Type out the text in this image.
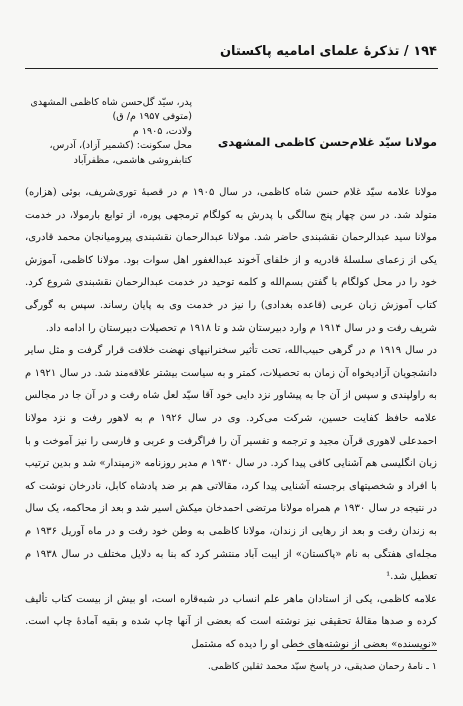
۱۹۴ / تذکرهٔ علمای امامیه پاکستان
پدر، سیّد گل‌حسن شاه کاظمی المشهدی
(متوفی ۱۹۵۷ م/ ق)
ولادت، ۱۹۰۵ م
محل سکونت: (کشمیر آزاد)، آدرس،
کتابفروشی هاشمی، مظفرآباد
مولانا سیّد غلام‌حسن کاظمی المشهدی

مولانا علامه سیّد غلام حسن شاه کاظمی، در سال ۱۹۰۵ م در قصبهٔ توری‌شریف، بوئی (هزاره) متولد شد. در سن چهار پنج سالگی با پدرش به کولگام ترمجهی پوره، از توابع بارمولا، در خدمت مولانا سید عبدالرحمان نقشبندی حاضر شد. مولانا عبدالرحمان نقشبندی پیرومیانجان محمد قادری، یکی از زعمای سلسلهٔ قادریه و از خلفای آخوند عبدالغفور اهل سوات بود. مولانا کاظمی، آموزش خود را در محل کولگام با گفتن بسم‌الله و کلمه توحید در خدمت عبدالرحمان نقشبندی شروع کرد. کتاب آموزش زبان عربی (قاعده بغدادی) را نیز در خدمت وی به پایان رساند. سپس به گورگی شریف رفت و در سال ۱۹۱۴ م وارد دبیرستان شد و تا ۱۹۱۸ م تحصیلات دبیرستان را ادامه داد.

در سال ۱۹۱۹ م در گرهی حبیب‌الله، تحت تأثیر سخنرانیهای نهضت خلافت قرار گرفت و مثل سایر دانشجویان آزادیخواه آن زمان به تحصیلات، کمتر و به سیاست بیشتر علاقه‌مند شد. در سال ۱۹۲۱ م به راولپندی و سپس از آن جا به پیشاور نزد دایی خود آقا سیّد لعل شاه رفت و در آن جا در مجالس علامه حافظ کفایت حسین، شرکت می‌کرد. وی در سال ۱۹۲۶ م به لاهور رفت و نزد مولانا احمدعلی لاهوری قرآن مجید و ترجمه و تفسیر آن را فراگرفت و عربی و فارسی را نیز آموخت و با زبان انگلیسی هم آشنایی کافی پیدا کرد. در سال ۱۹۳۰ م مدیر روزنامه «زمیندار» شد و بدین ترتیب با افراد و شخصیتهای برجسته آشنایی پیدا کرد، مقالاتی هم بر ضد پادشاه کابل، نادرخان نوشت که در نتیجه در سال ۱۹۳۰ م همراه مولانا مرتضی احمدخان میکش اسیر شد و بعد از محاکمه، یک سال به زندان رفت و بعد از رهایی از زندان، مولانا کاظمی به وطن خود رفت و در ماه آوریل ۱۹۳۶ م مجله‌ای هفتگی به نام «پاکستان» از ایبت آباد منتشر کرد که بنا به دلایل مختلف در سال ۱۹۳۸ م تعطیل شد.¹

علامه کاظمی، یکی از استادان ماهر علم انساب در شبه‌قاره است، او بیش از بیست کتاب تألیف کرده و صدها مقالهٔ تحقیقی نیز نوشته است که بعضی از آنها چاپ شده و بقیه آمادهٔ چاپ است. «نویسنده» بعضی از نوشته‌های خطی او را دیده که مشتمل

۱ ـ نامهٔ رحمان صدیقی، در پاسخ سیّد محمد ثقلین کاظمی.
